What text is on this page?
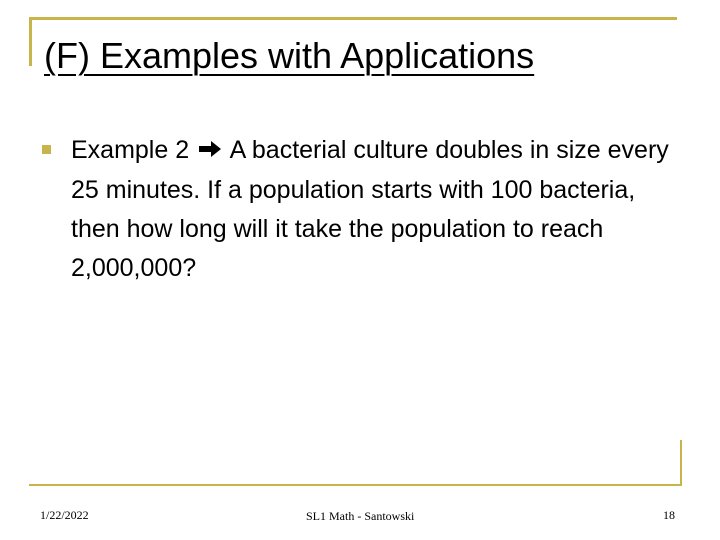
(F) Examples with Applications
Example 2 A bacterial culture doubles in size every 25 minutes. If a population starts with 100 bacteria, then how long will it take the population to reach 2,000,000?
1/22/2022	SL1 Math - Santowski	18
